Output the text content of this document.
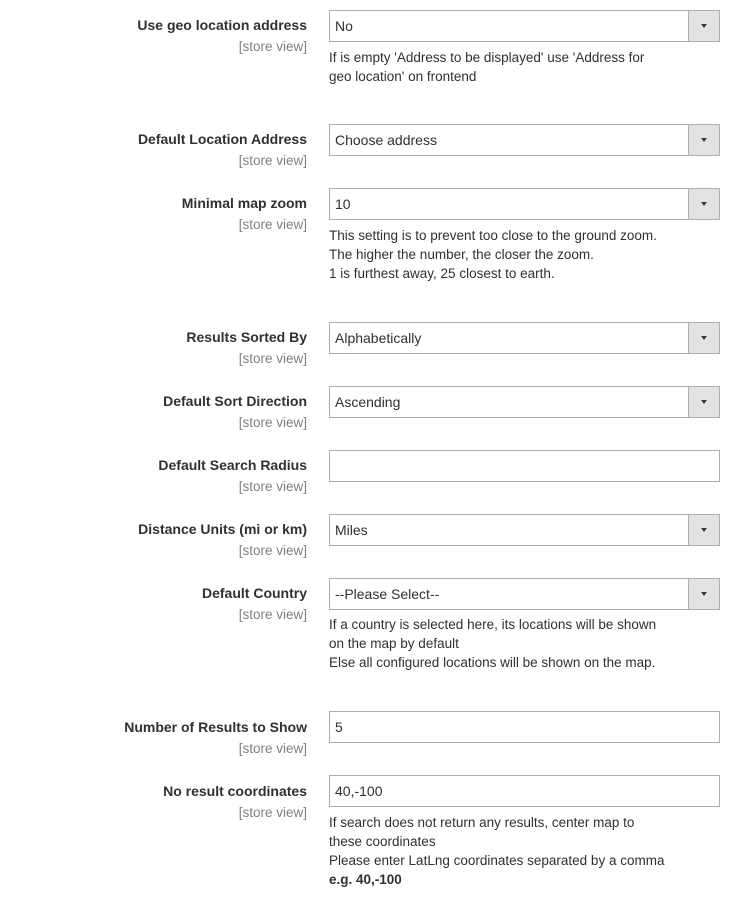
Use geo location address
[store view]
No
If is empty 'Address to be displayed' use 'Address for
geo location' on frontend
Default Location Address
[store view]
Choose address
Minimal map zoom
[store view]
10
This setting is to prevent too close to the ground zoom.
The higher the number, the closer the zoom.
1 is furthest away, 25 closest to earth.
Results Sorted By
[store view]
Alphabetically
Default Sort Direction
[store view]
Ascending
Default Search Radius
[store view]
Distance Units (mi or km)
[store view]
Miles
Default Country
[store view]
--Please Select--
If a country is selected here, its locations will be shown
on the map by default
Else all configured locations will be shown on the map.
Number of Results to Show
[store view]
5
No result coordinates
[store view]
40,-100
If search does not return any results, center map to
these coordinates
Please enter LatLng coordinates separated by a comma
e.g. 40,-100
